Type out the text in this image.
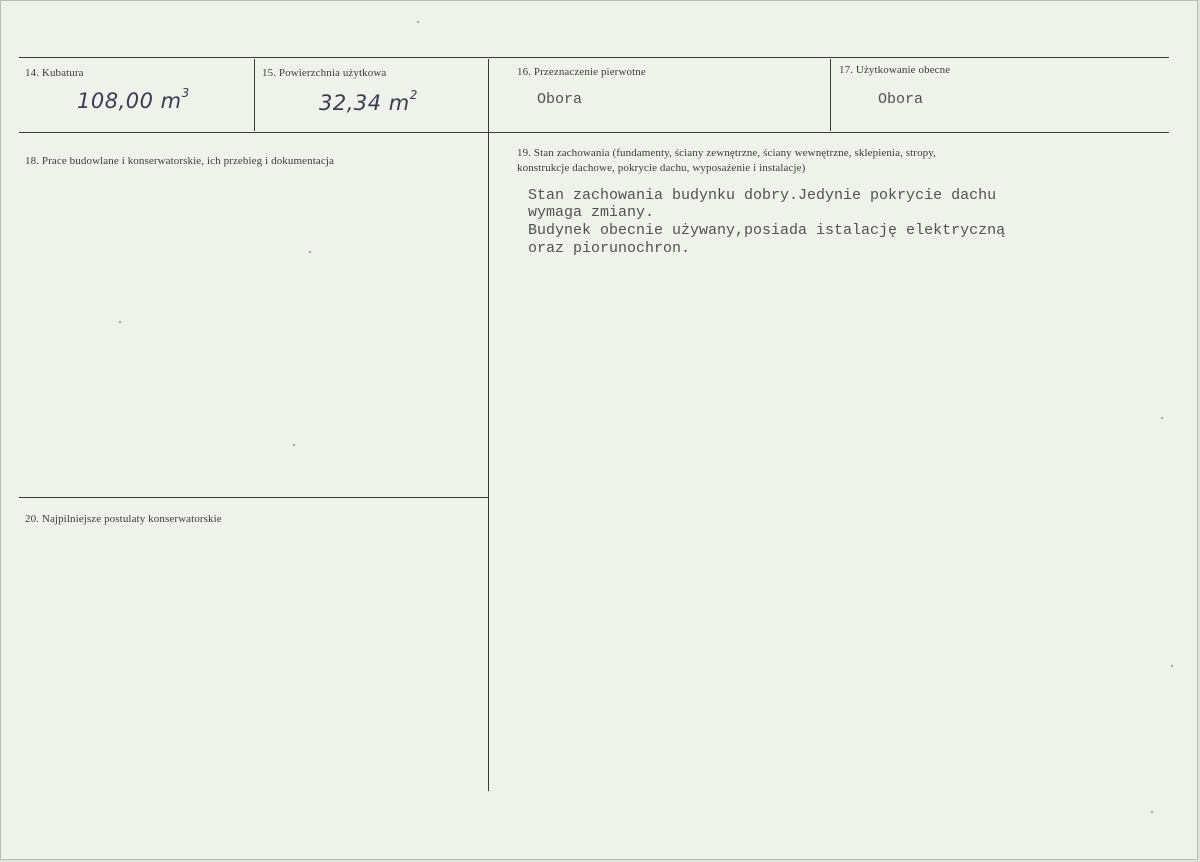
14. Kubatura
108,00 $m^3$
15. Powierzchnia użytkowa
32,34 $m^2$
16. Przeznaczenie pierwotne
Obora
17. Użytkowanie obecne
Obora
18. Prace budowlane i konserwatorskie, ich przebieg i dokumentacja
19. Stan zachowania (fundamenty, ściany zewnętrzne, ściany wewnętrzne, sklepienia, stropy,
konstrukcje dachowe, pokrycie dachu, wyposażenie i instalacje)
Stan zachowania budynku dobry.Jedynie pokrycie dachu
wymaga zmiany.
Budynek obecnie używany,posiada istalację elektryczną
oraz piorunochron.
20. Najpilniejsze postulaty konserwatorskie
